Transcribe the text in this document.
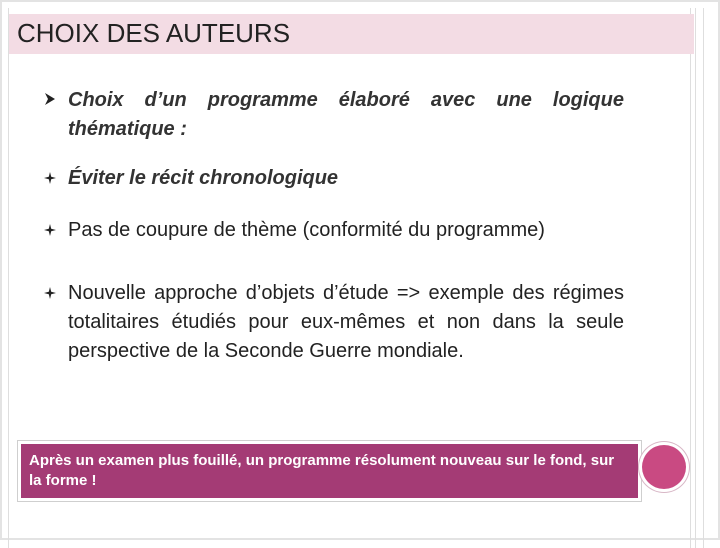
CHOIX DES AUTEURS

Choix d’un programme élaboré avec une logique thématique :

Éviter le récit chronologique

Pas de coupure de thème (conformité du programme)

Nouvelle approche d’objets d’étude => exemple des régimes totalitaires étudiés pour eux-mêmes et non dans la seule perspective de la Seconde Guerre mondiale.

Après un examen plus fouillé, un programme résolument nouveau sur le fond, sur la forme !
